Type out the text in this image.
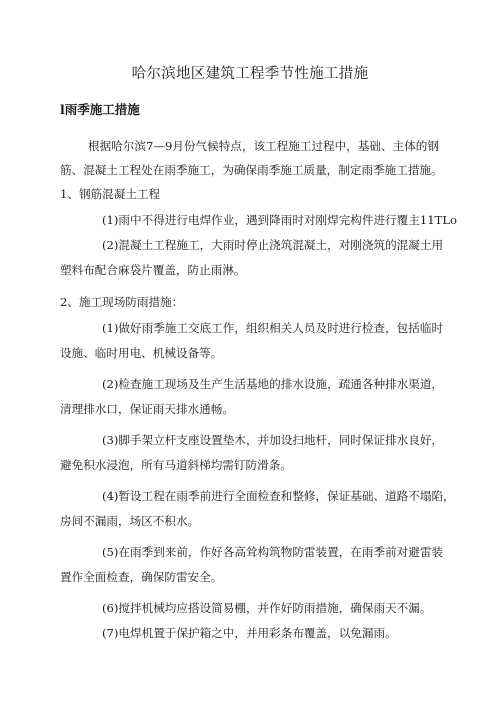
哈尔滨地区建筑工程季节性施工措施
l雨季施工措施
根据哈尔滨7—9月份气候特点，该工程施工过程中，基础、主体的钢
筋、混凝土工程处在雨季施工，为确保雨季施工质量，制定雨季施工措施。
1、钢筋混凝土工程
(1)雨中不得进行电焊作业，遇到降雨时对刚焊完构件进行覆主11TLo
(2)混凝土工程施工，大雨时停止浇筑混凝土，对刚浇筑的混凝土用
塑料布配合麻袋片覆盖，防止雨淋。
2、施工现场防雨措施：
(1)做好雨季施工交底工作，组织相关人员及时进行检查，包括临时
设施、临时用电、机械设备等。
(2)检查施工现场及生产生活基地的排水设施，疏通各种排水渠道，
清理排水口，保证雨天排水通畅。
(3)脚手架立杆支座设置垫木，并加设扫地杆，同时保证排水良好，
避免积水浸泡，所有马道斜梯均需钉防滑条。
(4)暂设工程在雨季前进行全面检查和整修，保证基础、道路不塌陷，
房间不漏雨，场区不积水。
(5)在雨季到来前，作好各高耸构筑物防雷装置，在雨季前对避雷装
置作全面检查，确保防雷安全。
(6)搅拌机械均应搭设简易棚，并作好防雨措施，确保雨天不漏。
(7)电焊机置于保护箱之中，并用彩条布覆盖，以免漏雨。
